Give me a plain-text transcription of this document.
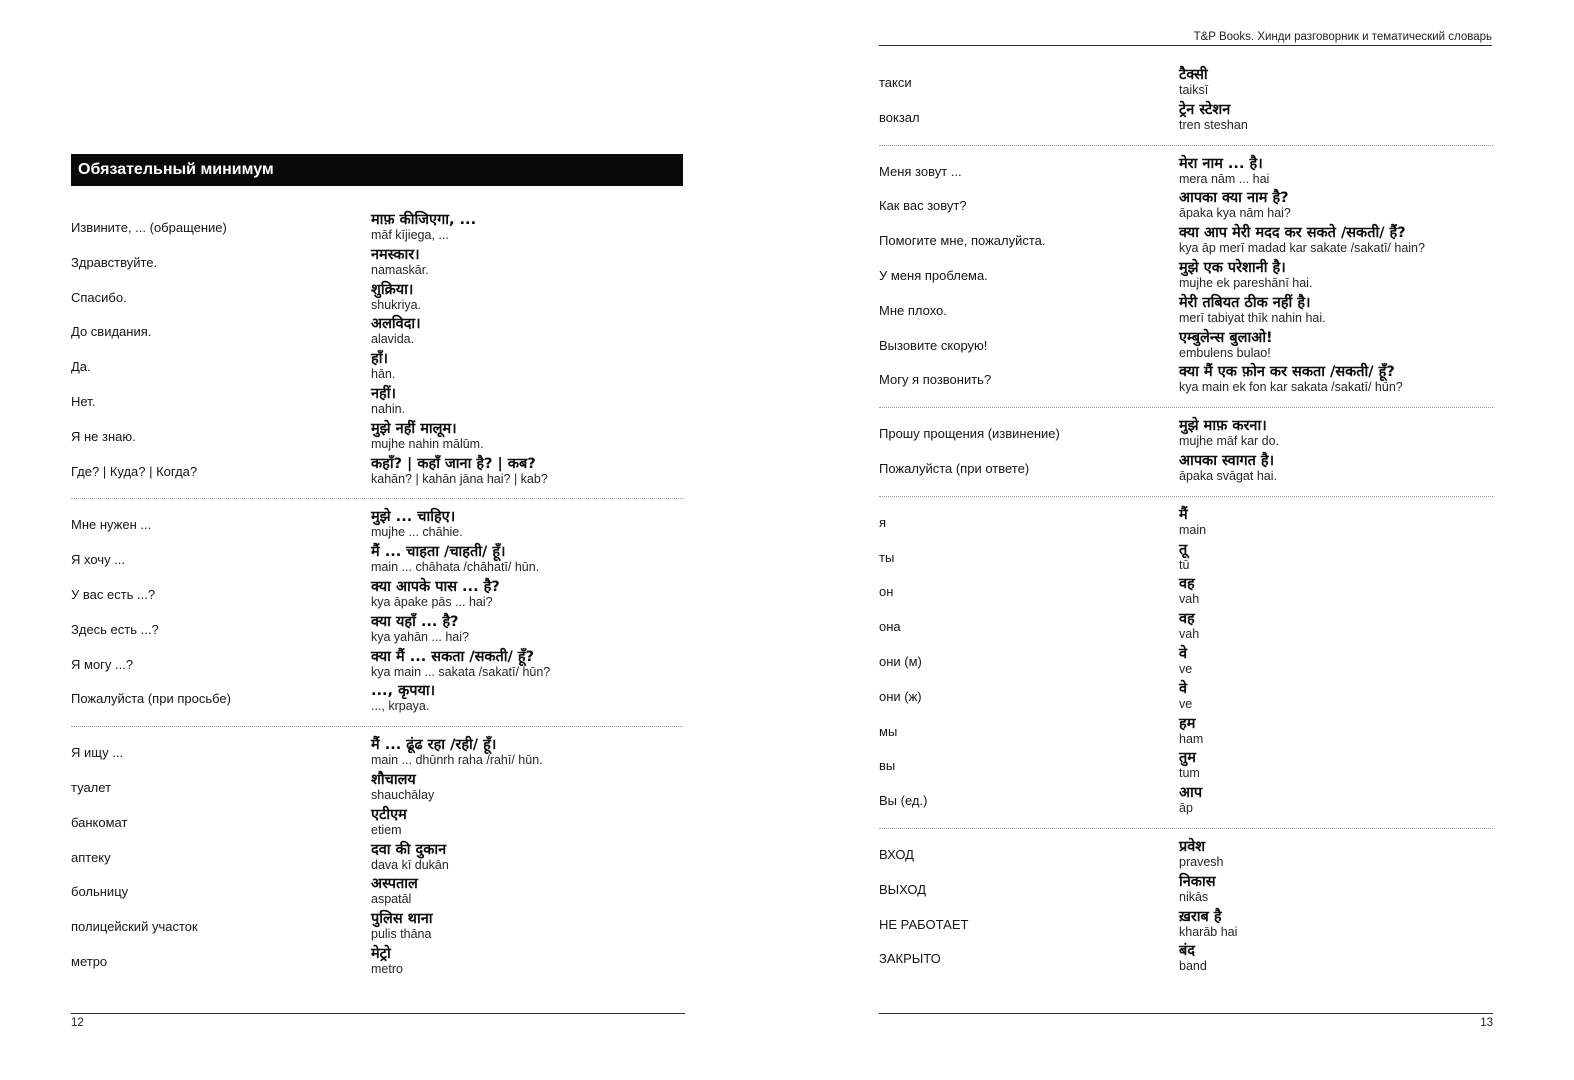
Обязательный минимум
Извините, ... (обращение)	माफ़ कीजिएगा, ...
māf kījiega, ...
Здравствуйте.	नमस्कार।
namaskār.
Спасибо.	शुक्रिया।
shukriya.
До свидания.	अलविदा।
alavida.
Да.	हाँ।
hān.
Нет.	नहीं।
nahin.
Я не знаю.	मुझे नहीं मालूम।
mujhe nahin mālūm.
Где? | Куда? | Когда?	कहाँ? | कहाँ जाना है? | कब?
kahān? | kahān jāna hai? | kab?
Мне нужен ...	मुझे ... चाहिए।
mujhe ... chāhie.
Я хочу ...	मैं ... चाहता /चाहती/ हूँ।
main ... chāhata /chāhatī/ hūn.
У вас есть ...?	क्या आपके पास ... है?
kya āpake pās ... hai?
Здесь есть ...?	क्या यहाँ ... है?
kya yahān ... hai?
Я могу ...?	क्या मैं ... सकता /सकती/ हूँ?
kya main ... sakata /sakatī/ hūn?
Пожалуйста (при просьбе)	..., कृपया।
..., krpaya.
Я ищу ...	मैं ... ढूंढ रहा /रही/ हूँ।
main ... dhūnrh raha /rahī/ hūn.
туалет	शौचालय
shauchālay
банкомат	एटीएम
etiem
аптеку	दवा की दुकान
dava kī dukān
больницу	अस्पताल
aspatāl
полицейский участок	पुलिस थाना
pulis thāna
метро	मेट्रो
metro
12
T&P Books. Хинди разговорник и тематический словарь
такси	टैक्सी
taiksī
вокзал	ट्रेन स्टेशन
tren steshan
Меня зовут ...	मेरा नाम ... है।
mera nām ... hai
Как вас зовут?	आपका क्या नाम है?
āpaka kya nām hai?
Помогите мне, пожалуйста.	क्या आप मेरी मदद कर सकते /सकती/ हैं?
kya āp merī madad kar sakate /sakatī/ hain?
У меня проблема.	मुझे एक परेशानी है।
mujhe ek pareshānī hai.
Мне плохо.	मेरी तबियत ठीक नहीं है।
merī tabiyat thīk nahin hai.
Вызовите скорую!	एम्बुलेन्स बुलाओ!
embulens bulao!
Могу я позвонить?	क्या मैं एक फ़ोन कर सकता /सकती/ हूँ?
kya main ek fon kar sakata /sakatī/ hūn?
Прошу прощения (извинение)	मुझे माफ़ करना।
mujhe māf kar do.
Пожалуйста (при ответе)	आपका स्वागत है।
āpaka svāgat hai.
я	मैं
main
ты	तू
tū
он	वह
vah
она	वह
vah
они (м)	वे
ve
они (ж)	वे
ve
мы	हम
ham
вы	तुम
tum
Вы (ед.)	आप
āp
ВХОД	प्रवेश
pravesh
ВЫХОД	निकास
nikās
НЕ РАБОТАЕТ	ख़राब है
kharāb hai
ЗАКРЫТО	बंद
band
13
